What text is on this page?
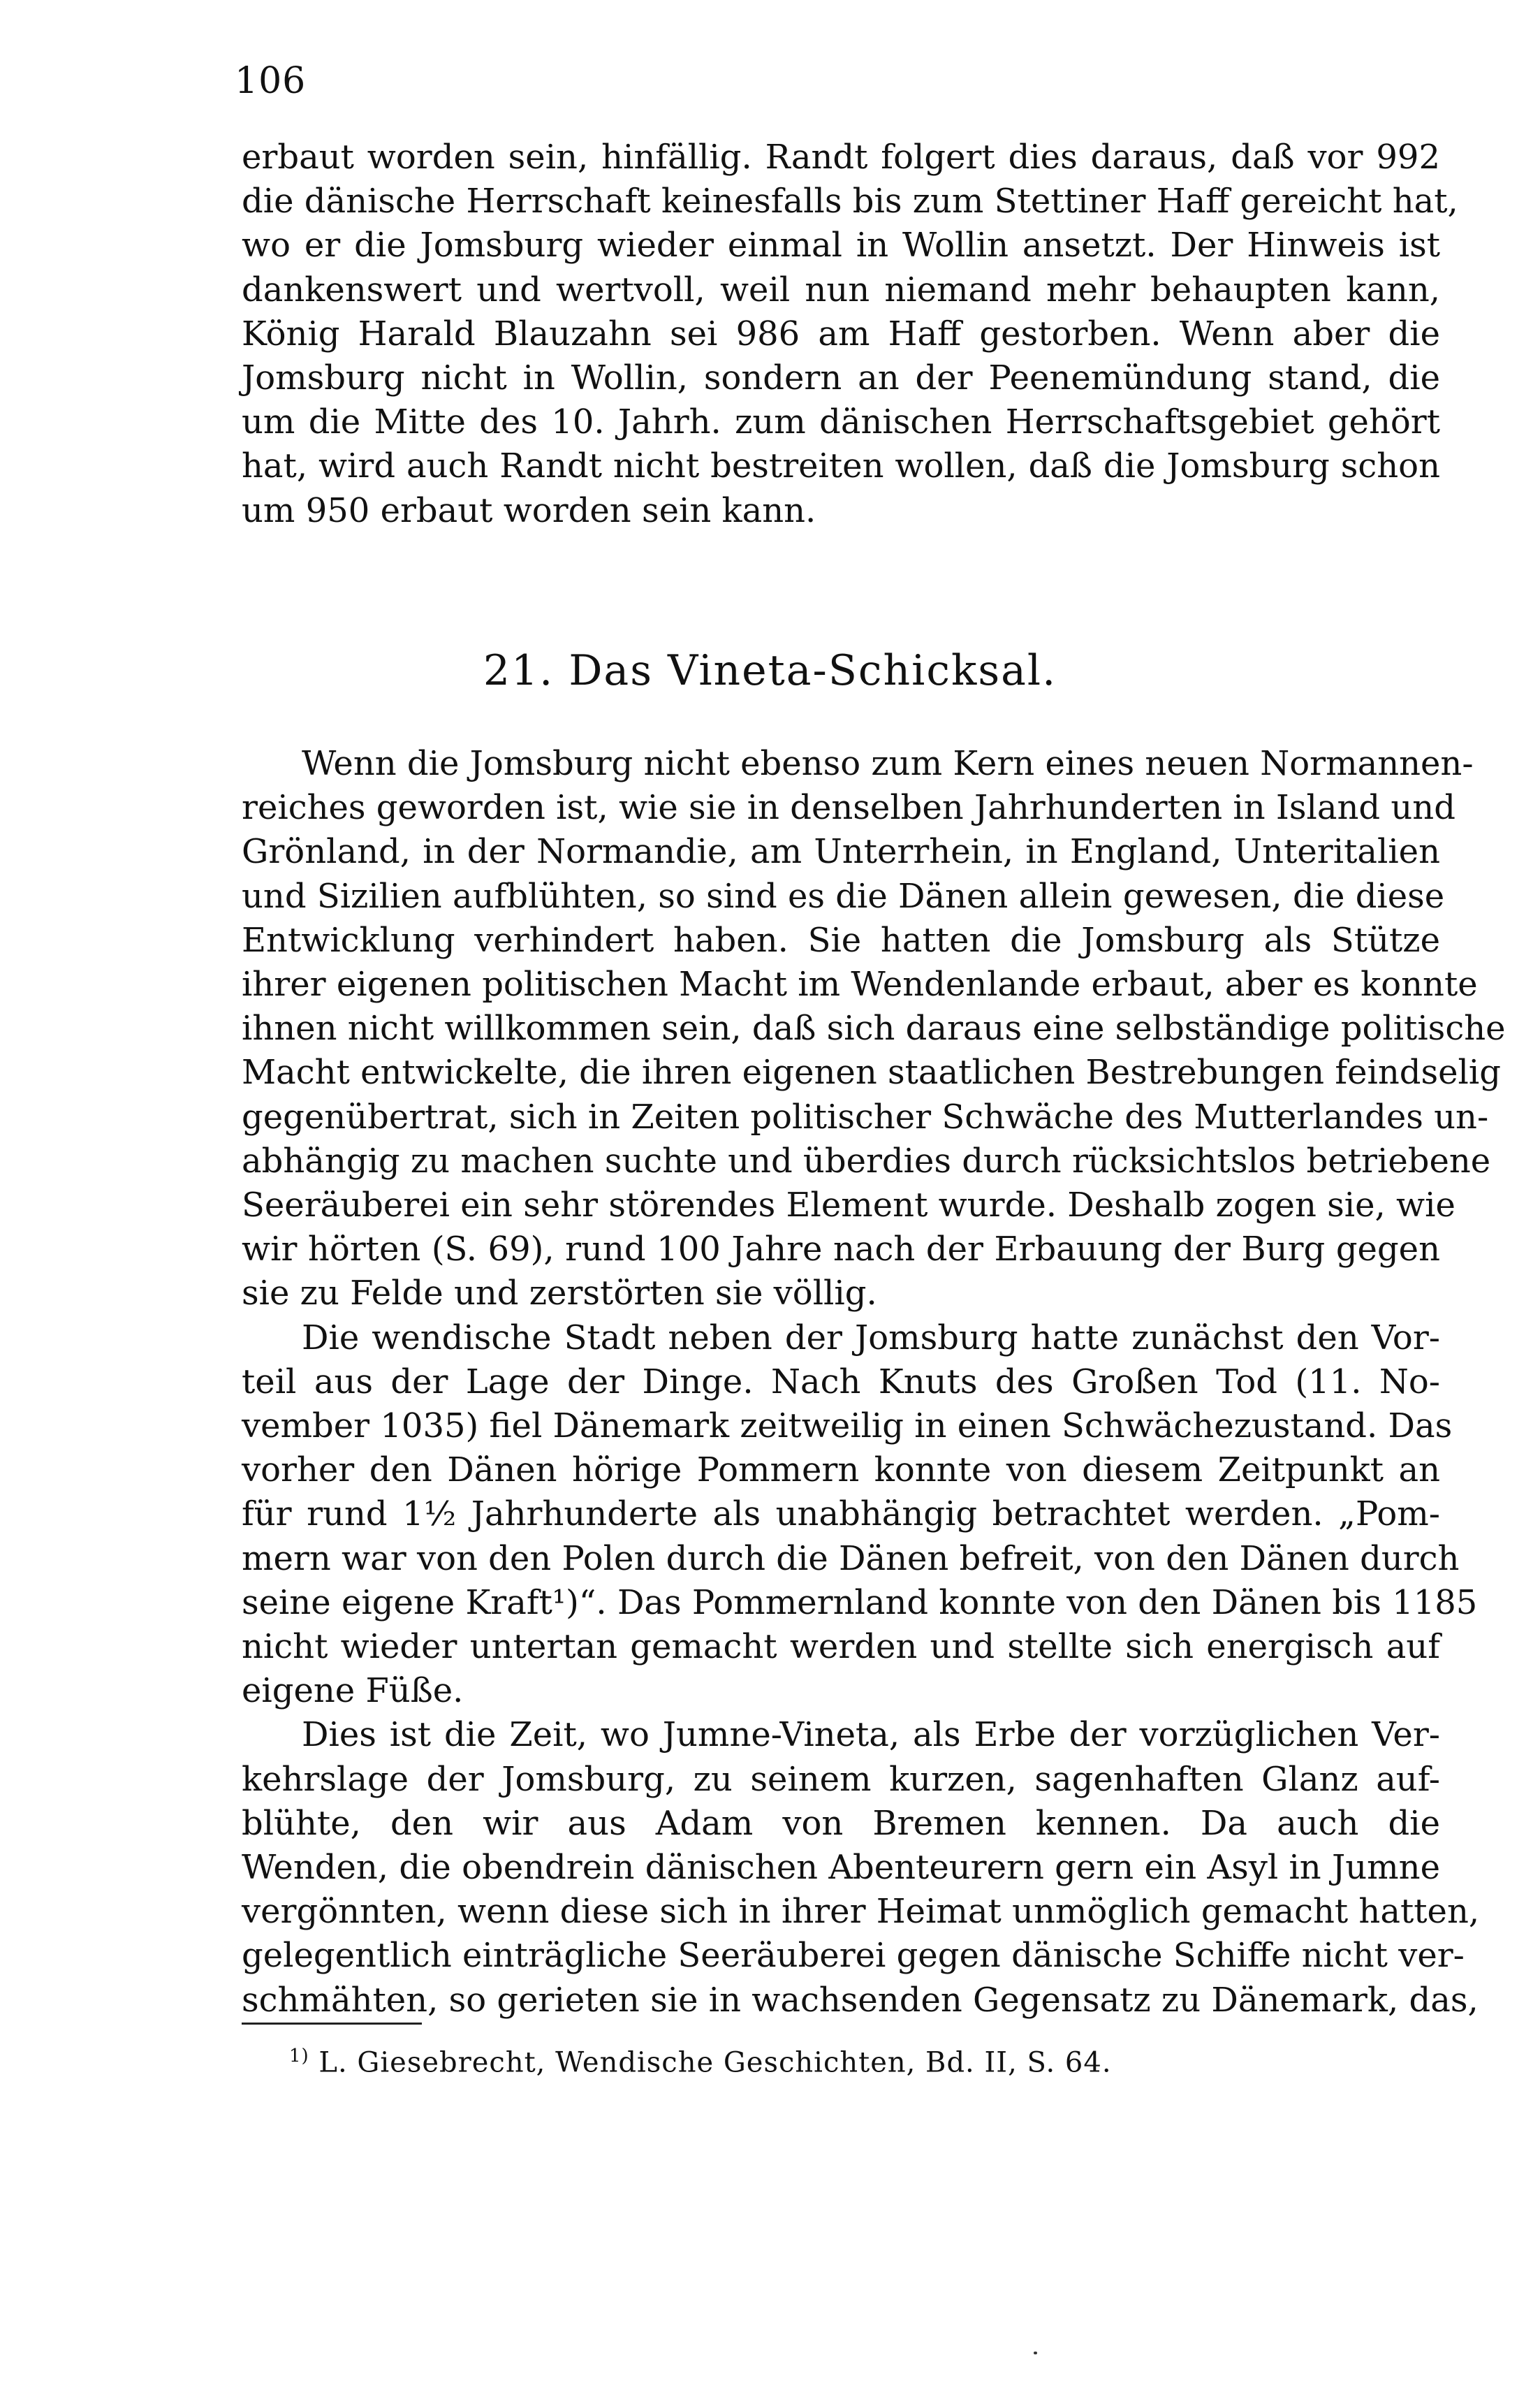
106
erbaut worden sein, hinfällig. Randt folgert dies daraus, daß vor 992
die dänische Herrschaft keinesfalls bis zum Stettiner Haff gereicht hat,
wo er die Jomsburg wieder einmal in Wollin ansetzt. Der Hinweis ist
dankenswert und wertvoll, weil nun niemand mehr behaupten kann,
König Harald Blauzahn sei 986 am Haff gestorben. Wenn aber die
Jomsburg nicht in Wollin, sondern an der Peenemündung stand, die
um die Mitte des 10. Jahrh. zum dänischen Herrschaftsgebiet gehört
hat, wird auch Randt nicht bestreiten wollen, daß die Jomsburg schon
um 950 erbaut worden sein kann.
21. Das Vineta-Schicksal.
Wenn die Jomsburg nicht ebenso zum Kern eines neuen Normannen-
reiches geworden ist, wie sie in denselben Jahrhunderten in Island und
Grönland, in der Normandie, am Unterrhein, in England, Unteritalien
und Sizilien aufblühten, so sind es die Dänen allein gewesen, die diese
Entwicklung verhindert haben. Sie hatten die Jomsburg als Stütze
ihrer eigenen politischen Macht im Wendenlande erbaut, aber es konnte
ihnen nicht willkommen sein, daß sich daraus eine selbständige politische
Macht entwickelte, die ihren eigenen staatlichen Bestrebungen feindselig
gegenübertrat, sich in Zeiten politischer Schwäche des Mutterlandes un-
abhängig zu machen suchte und überdies durch rücksichtslos betriebene
Seeräuberei ein sehr störendes Element wurde. Deshalb zogen sie, wie
wir hörten (S. 69), rund 100 Jahre nach der Erbauung der Burg gegen
sie zu Felde und zerstörten sie völlig.
Die wendische Stadt neben der Jomsburg hatte zunächst den Vor-
teil aus der Lage der Dinge. Nach Knuts des Großen Tod (11. No-
vember 1035) fiel Dänemark zeitweilig in einen Schwächezustand. Das
vorher den Dänen hörige Pommern konnte von diesem Zeitpunkt an
für rund 1½ Jahrhunderte als unabhängig betrachtet werden. „Pom-
mern war von den Polen durch die Dänen befreit, von den Dänen durch
seine eigene Kraft¹)“. Das Pommernland konnte von den Dänen bis 1185
nicht wieder untertan gemacht werden und stellte sich energisch auf
eigene Füße.
Dies ist die Zeit, wo Jumne-Vineta, als Erbe der vorzüglichen Ver-
kehrslage der Jomsburg, zu seinem kurzen, sagenhaften Glanz auf-
blühte, den wir aus Adam von Bremen kennen. Da auch die
Wenden, die obendrein dänischen Abenteurern gern ein Asyl in Jumne
vergönnten, wenn diese sich in ihrer Heimat unmöglich gemacht hatten,
gelegentlich einträgliche Seeräuberei gegen dänische Schiffe nicht ver-
schmähten, so gerieten sie in wachsenden Gegensatz zu Dänemark, das,
$^{1)}$ L. Giesebrecht, Wendische Geschichten, Bd. II, S. 64.
